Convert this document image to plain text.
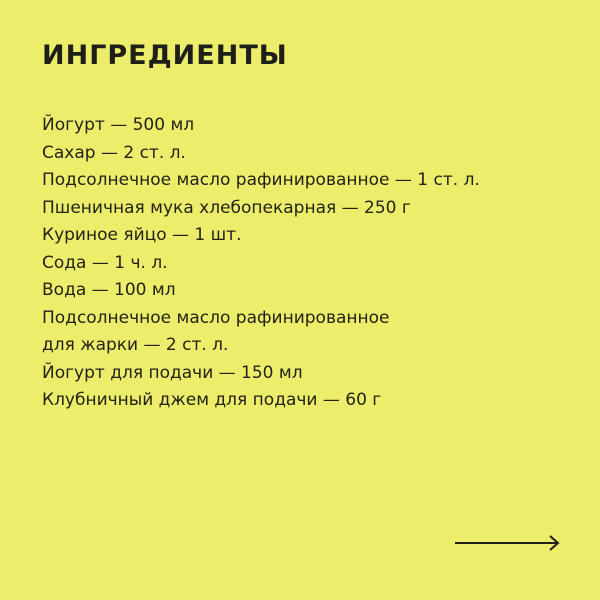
ИНГРЕДИЕНТЫ
Йогурт — 500 мл
Сахар — 2 ст. л.
Подсолнечное масло рафинированное — 1 ст. л.
Пшеничная мука хлебопекарная — 250 г
Куриное яйцо — 1 шт.
Сода — 1 ч. л.
Вода — 100 мл
Подсолнечное масло рафинированное
для жарки — 2 ст. л.
Йогурт для подачи — 150 мл
Клубничный джем для подачи — 60 г
